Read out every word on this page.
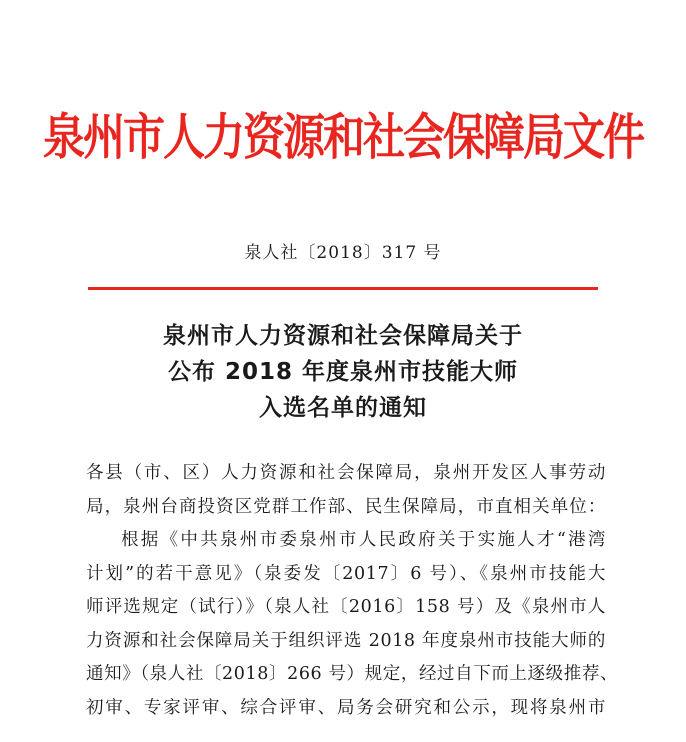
泉州市人力资源和社会保障局文件
泉人社〔2018〕317 号
泉州市人力资源和社会保障局关于
公布 2018 年度泉州市技能大师
入选名单的通知
各县（市、区）人力资源和社会保障局，泉州开发区人事劳动
局，泉州台商投资区党群工作部、民生保障局，市直相关单位：
根据《中共泉州市委泉州市人民政府关于实施人才“港湾
计划”的若干意见》（泉委发〔2017〕6 号）、《泉州市技能大
师评选规定（试行）》（泉人社〔2016〕158 号）及《泉州市人
力资源和社会保障局关于组织评选 2018 年度泉州市技能大师的
通知》（泉人社〔2018〕266 号）规定，经过自下而上逐级推荐、
初审、专家评审、综合评审、局务会研究和公示，现将泉州市
